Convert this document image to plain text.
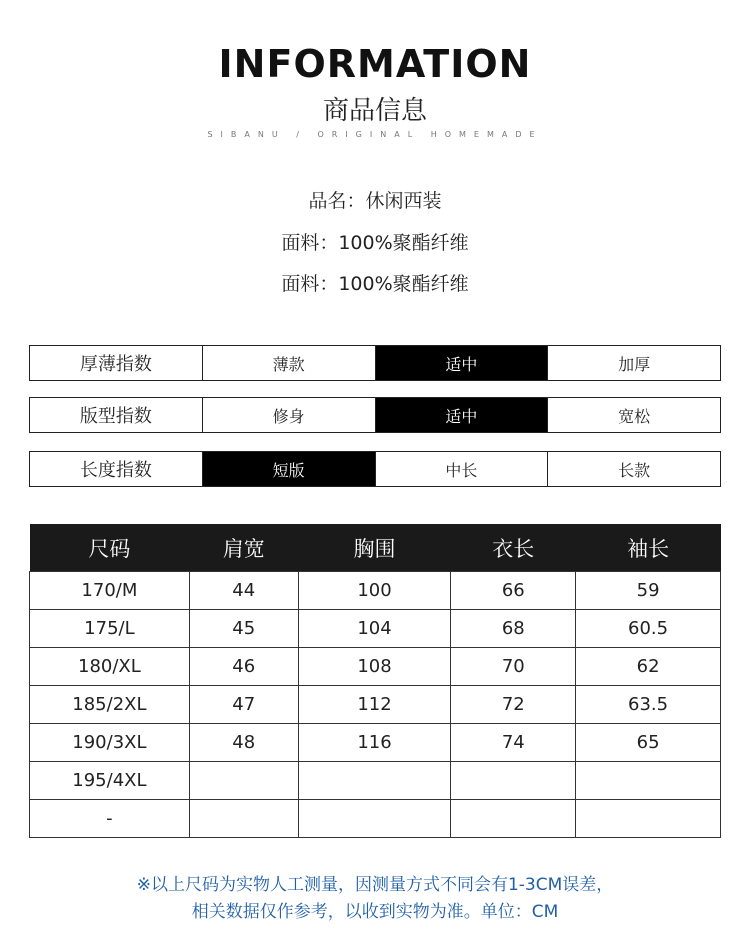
INFORMATION
商品信息
SIBANU / ORIGINAL HOMEMADE
品名：休闲西装
面料：100%聚酯纤维
面料：100%聚酯纤维
厚薄指数	薄款	适中	加厚
版型指数	修身	适中	宽松
长度指数	短版	中长	长款
尺码	肩宽	胸围	衣长	袖长
170/M	44	100	66	59
175/L	45	104	68	60.5
180/XL	46	108	70	62
185/2XL	47	112	72	63.5
190/3XL	48	116	74	65
195/4XL				
-				
※以上尺码为实物人工测量，因测量方式不同会有1-3CM误差，
相关数据仅作参考，以收到实物为准。单位：CM
